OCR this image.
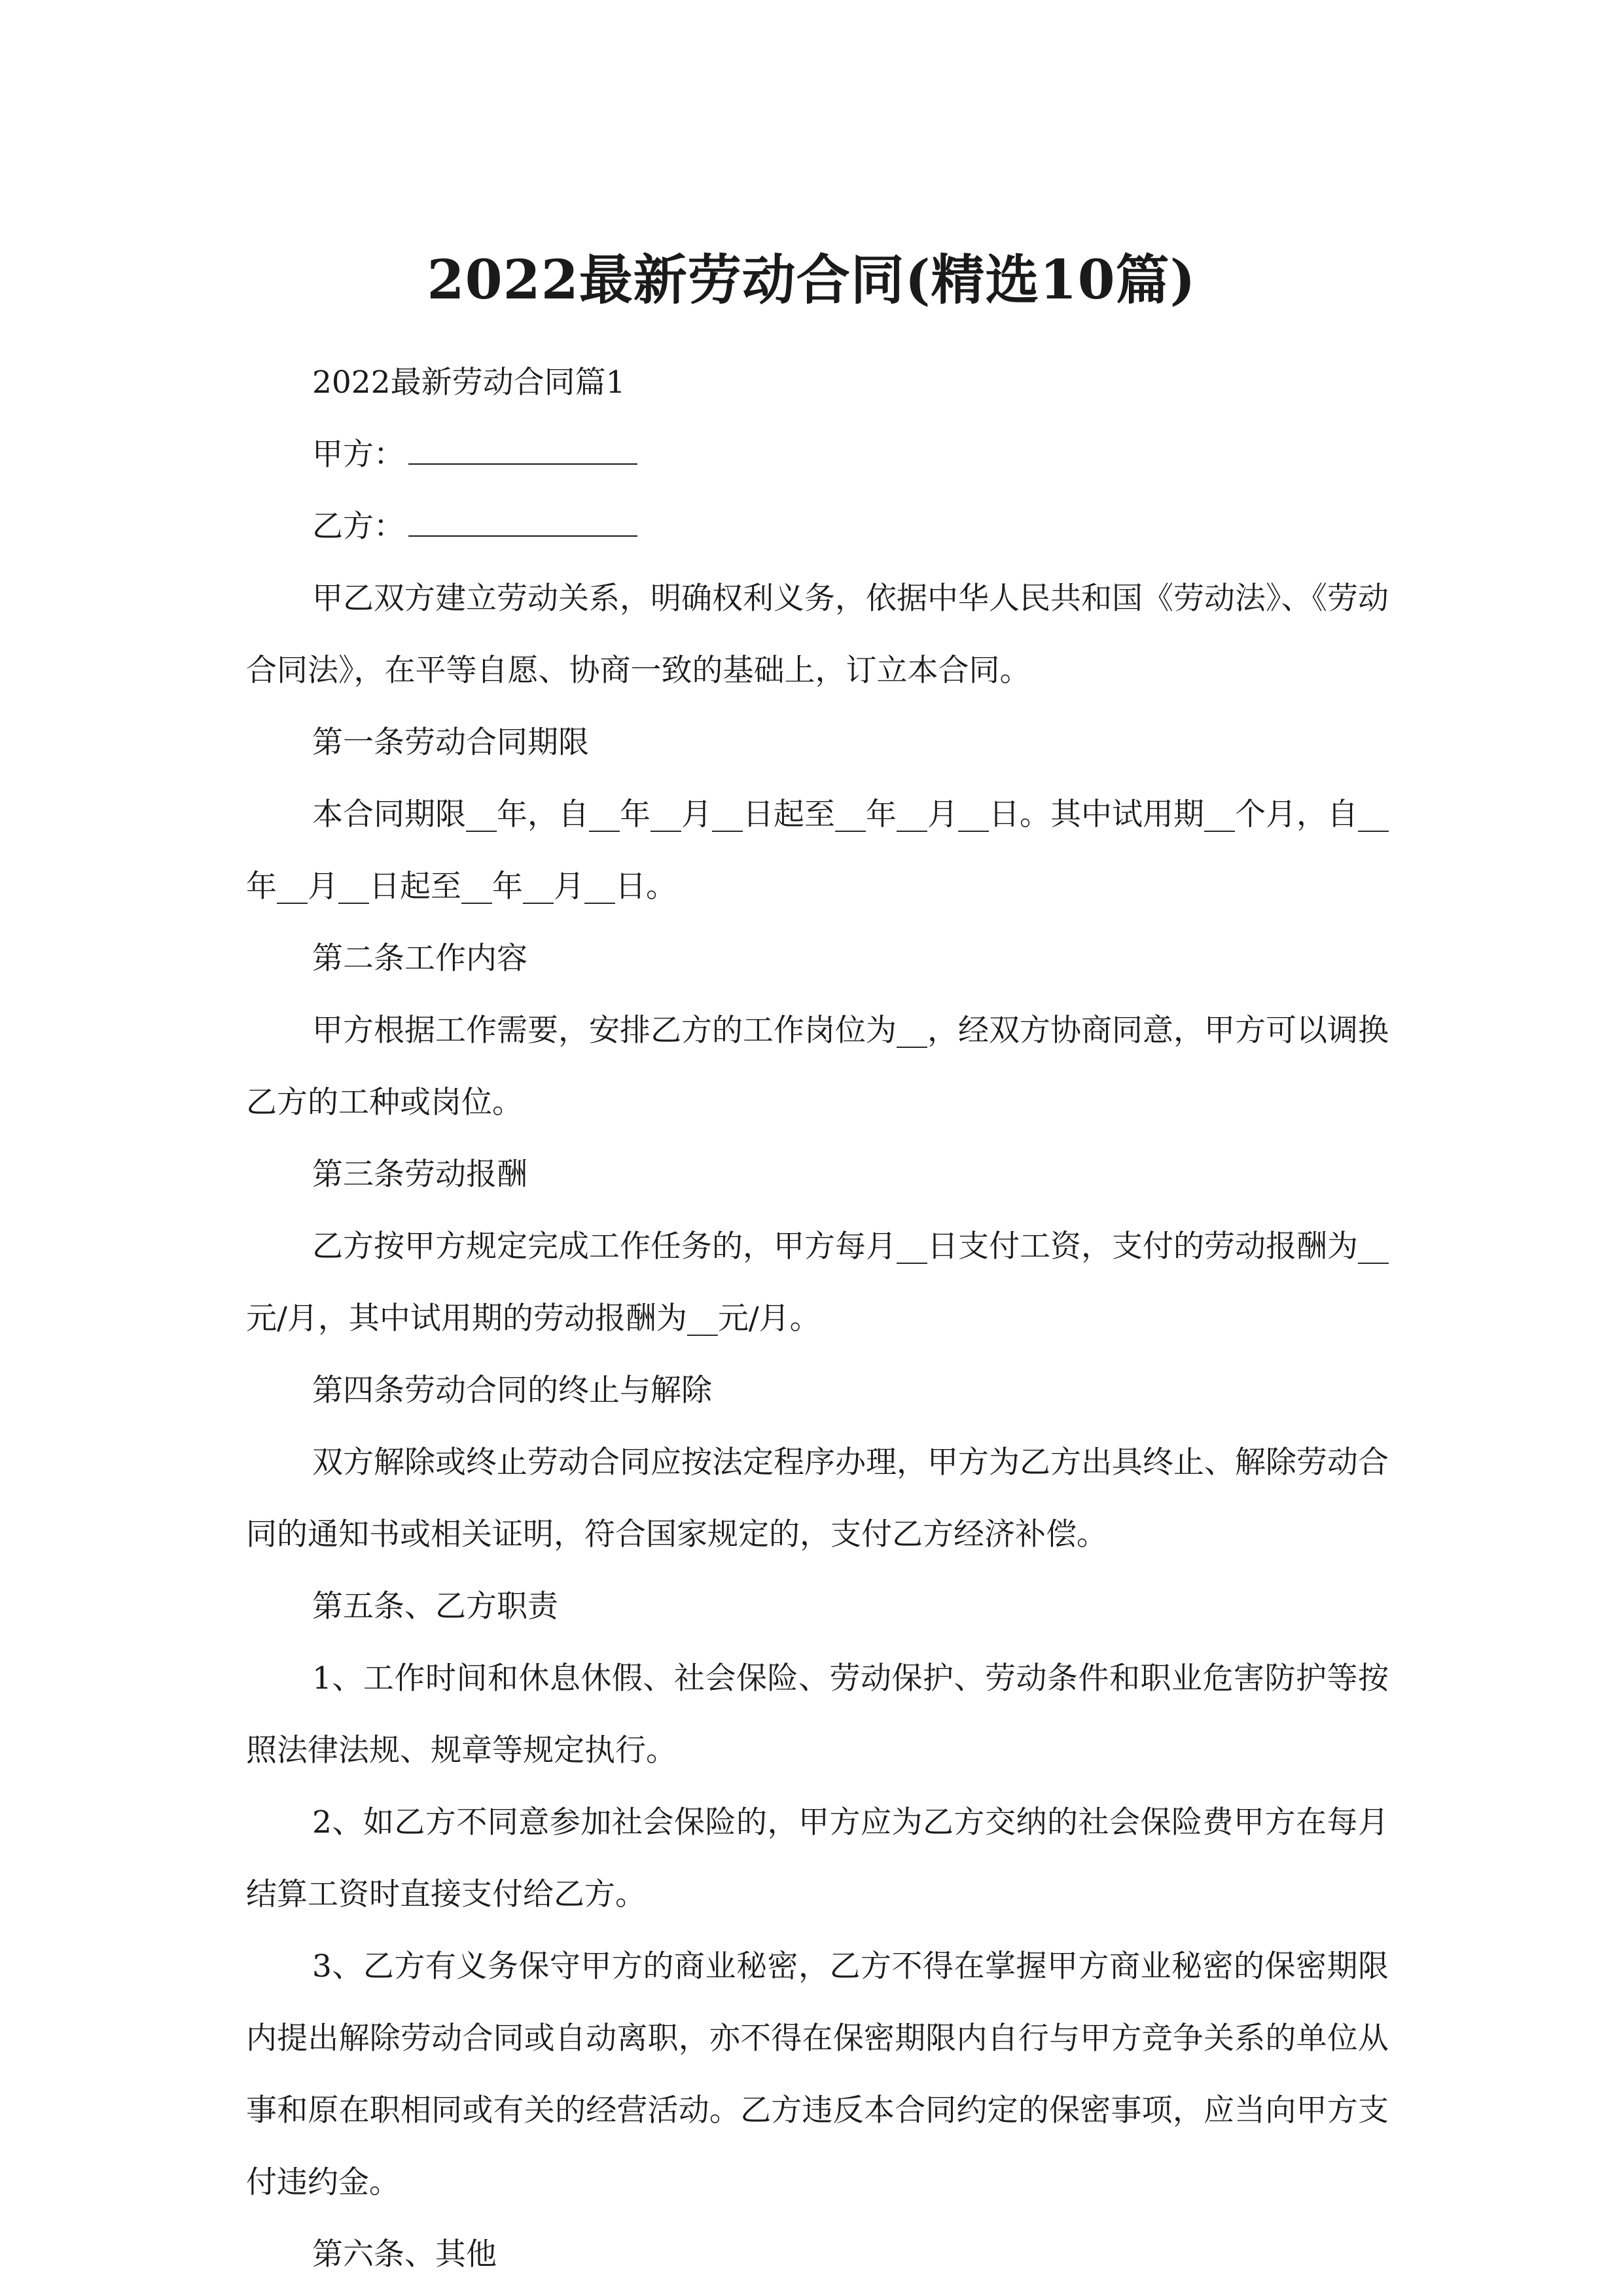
2022最新劳动合同(精选10篇)

2022最新劳动合同篇1

甲方：

乙方：

甲乙双方建立劳动关系，明确权利义务，依据中华人民共和国《劳动法》、《劳动合同法》，在平等自愿、协商一致的基础上，订立本合同。

第一条劳动合同期限

本合同期限__年，自__年__月__日起至__年__月__日。其中试用期__个月，自__年__月__日起至__年__月__日。

第二条工作内容

甲方根据工作需要，安排乙方的工作岗位为__，经双方协商同意，甲方可以调换乙方的工种或岗位。

第三条劳动报酬

乙方按甲方规定完成工作任务的，甲方每月__日支付工资，支付的劳动报酬为__元/月，其中试用期的劳动报酬为__元/月。

第四条劳动合同的终止与解除

双方解除或终止劳动合同应按法定程序办理，甲方为乙方出具终止、解除劳动合同的通知书或相关证明，符合国家规定的，支付乙方经济补偿。

第五条、乙方职责

1、工作时间和休息休假、社会保险、劳动保护、劳动条件和职业危害防护等按照法律法规、规章等规定执行。

2、如乙方不同意参加社会保险的，甲方应为乙方交纳的社会保险费甲方在每月结算工资时直接支付给乙方。

3、乙方有义务保守甲方的商业秘密，乙方不得在掌握甲方商业秘密的保密期限内提出解除劳动合同或自动离职，亦不得在保密期限内自行与甲方竞争关系的单位从事和原在职相同或有关的经营活动。乙方违反本合同约定的保密事项，应当向甲方支付违约金。

第六条、其他
